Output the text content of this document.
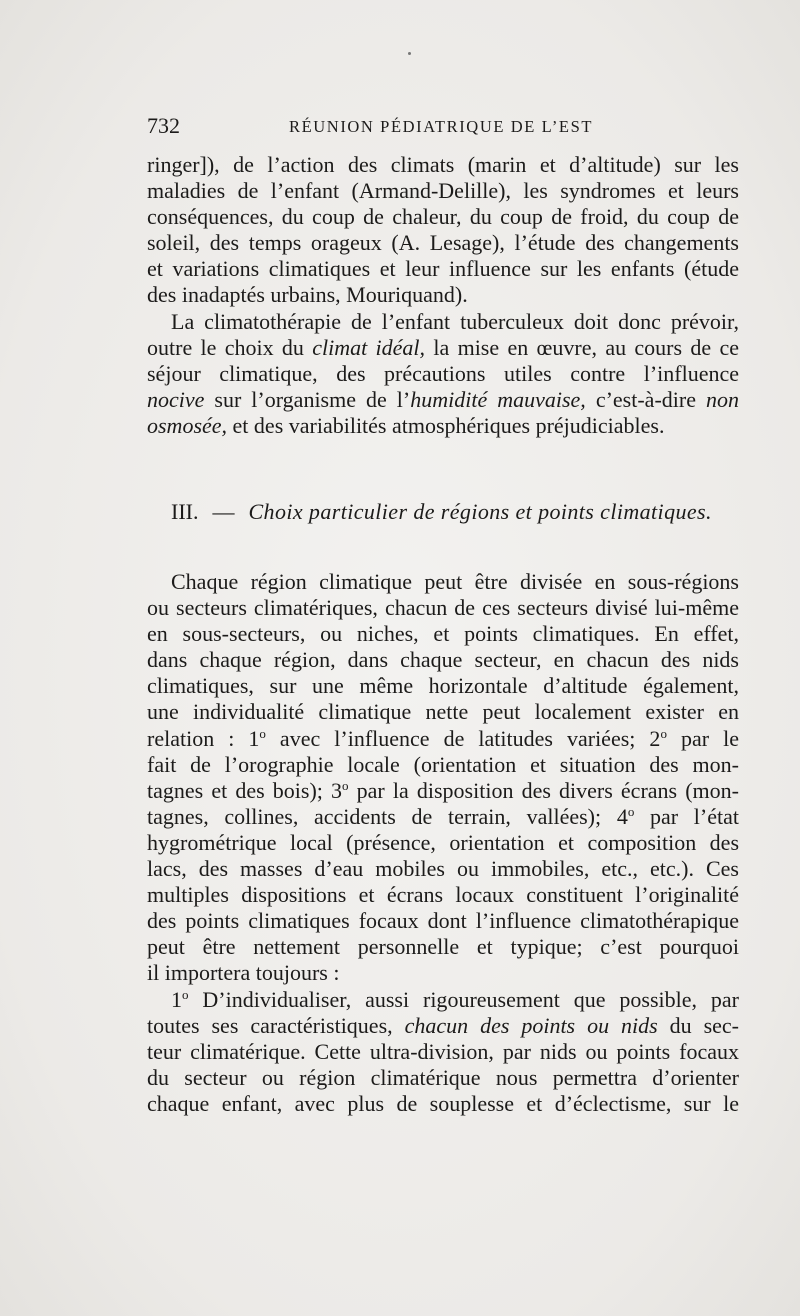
732	RÉUNION PÉDIATRIQUE DE L’EST
ringer]), de l’action des climats (marin et d’altitude) sur les
maladies de l’enfant (Armand-Delille), les syndromes et leurs
conséquences, du coup de chaleur, du coup de froid, du coup de
soleil, des temps orageux (A. Lesage), l’étude des changements
et variations climatiques et leur influence sur les enfants (étude
des inadaptés urbains, Mouriquand).
La climatothérapie de l’enfant tuberculeux doit donc prévoir,
outre le choix du climat idéal, la mise en œuvre, au cours de ce
séjour climatique, des précautions utiles contre l’influence
nocive sur l’organisme de l’humidité mauvaise, c’est-à-dire non
osmosée, et des variabilités atmosphériques préjudiciables.
III. — Choix particulier de régions et points climatiques.
Chaque région climatique peut être divisée en sous-régions
ou secteurs climatériques, chacun de ces secteurs divisé lui-même
en sous-secteurs, ou niches, et points climatiques. En effet,
dans chaque région, dans chaque secteur, en chacun des nids
climatiques, sur une même horizontale d’altitude également,
une individualité climatique nette peut localement exister en
relation : 1$^o$ avec l’influence de latitudes variées; 2$^o$ par le
fait de l’orographie locale (orientation et situation des mon-
tagnes et des bois); 3$^o$ par la disposition des divers écrans (mon-
tagnes, collines, accidents de terrain, vallées); 4$^o$ par l’état
hygrométrique local (présence, orientation et composition des
lacs, des masses d’eau mobiles ou immobiles, etc., etc.). Ces
multiples dispositions et écrans locaux constituent l’originalité
des points climatiques focaux dont l’influence climatothérapique
peut être nettement personnelle et typique; c’est pourquoi
il importera toujours :
1$^o$ D’individualiser, aussi rigoureusement que possible, par
toutes ses caractéristiques, chacun des points ou nids du sec-
teur climatérique. Cette ultra-division, par nids ou points focaux
du secteur ou région climatérique nous permettra d’orienter
chaque enfant, avec plus de souplesse et d’éclectisme, sur le
